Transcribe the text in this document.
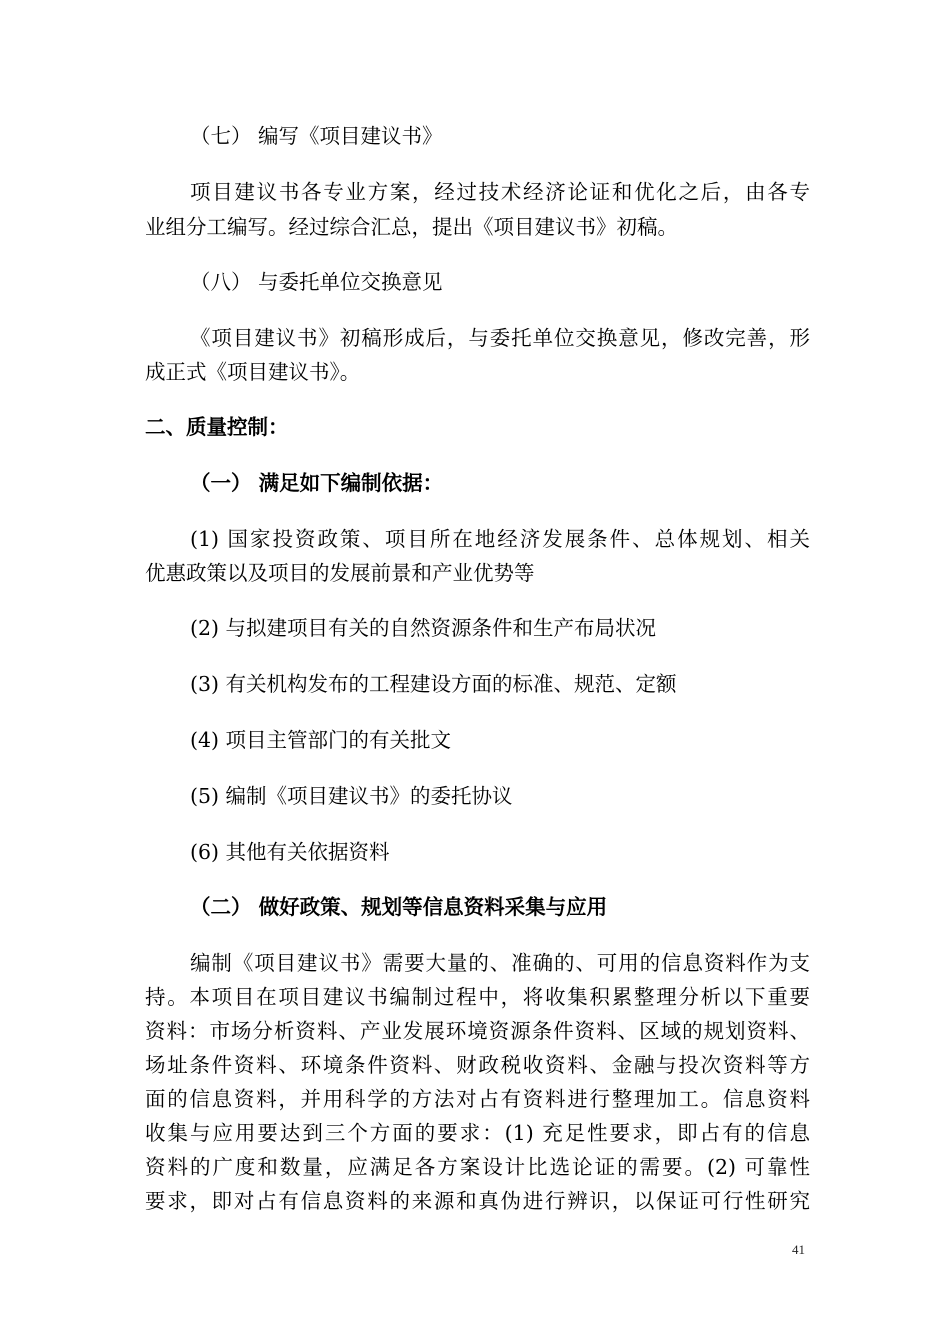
（七） 编写《项目建议书》
项目建议书各专业方案，经过技术经济论证和优化之后，由各专
业组分工编写。经过综合汇总，提出《项目建议书》初稿。
（八） 与委托单位交换意见
《项目建议书》初稿形成后，与委托单位交换意见，修改完善，形
成正式《项目建议书》。
二、质量控制：
（一） 满足如下编制依据：
(1) 国家投资政策、项目所在地经济发展条件、总体规划、相关
优惠政策以及项目的发展前景和产业优势等
(2) 与拟建项目有关的自然资源条件和生产布局状况
(3) 有关机构发布的工程建设方面的标准、规范、定额
(4) 项目主管部门的有关批文
(5) 编制《项目建议书》的委托协议
(6) 其他有关依据资料
（二） 做好政策、规划等信息资料采集与应用
编制《项目建议书》需要大量的、准确的、可用的信息资料作为支
持。本项目在项目建议书编制过程中，将收集积累整理分析以下重要
资料：市场分析资料、产业发展环境资源条件资料、区域的规划资料、
场址条件资料、环境条件资料、财政税收资料、金融与投次资料等方
面的信息资料，并用科学的方法对占有资料进行整理加工。信息资料
收集与应用要达到三个方面的要求：(1) 充足性要求，即占有的信息
资料的广度和数量，应满足各方案设计比选论证的需要。(2) 可靠性
要求，即对占有信息资料的来源和真伪进行辨识，以保证可行性研究
41
